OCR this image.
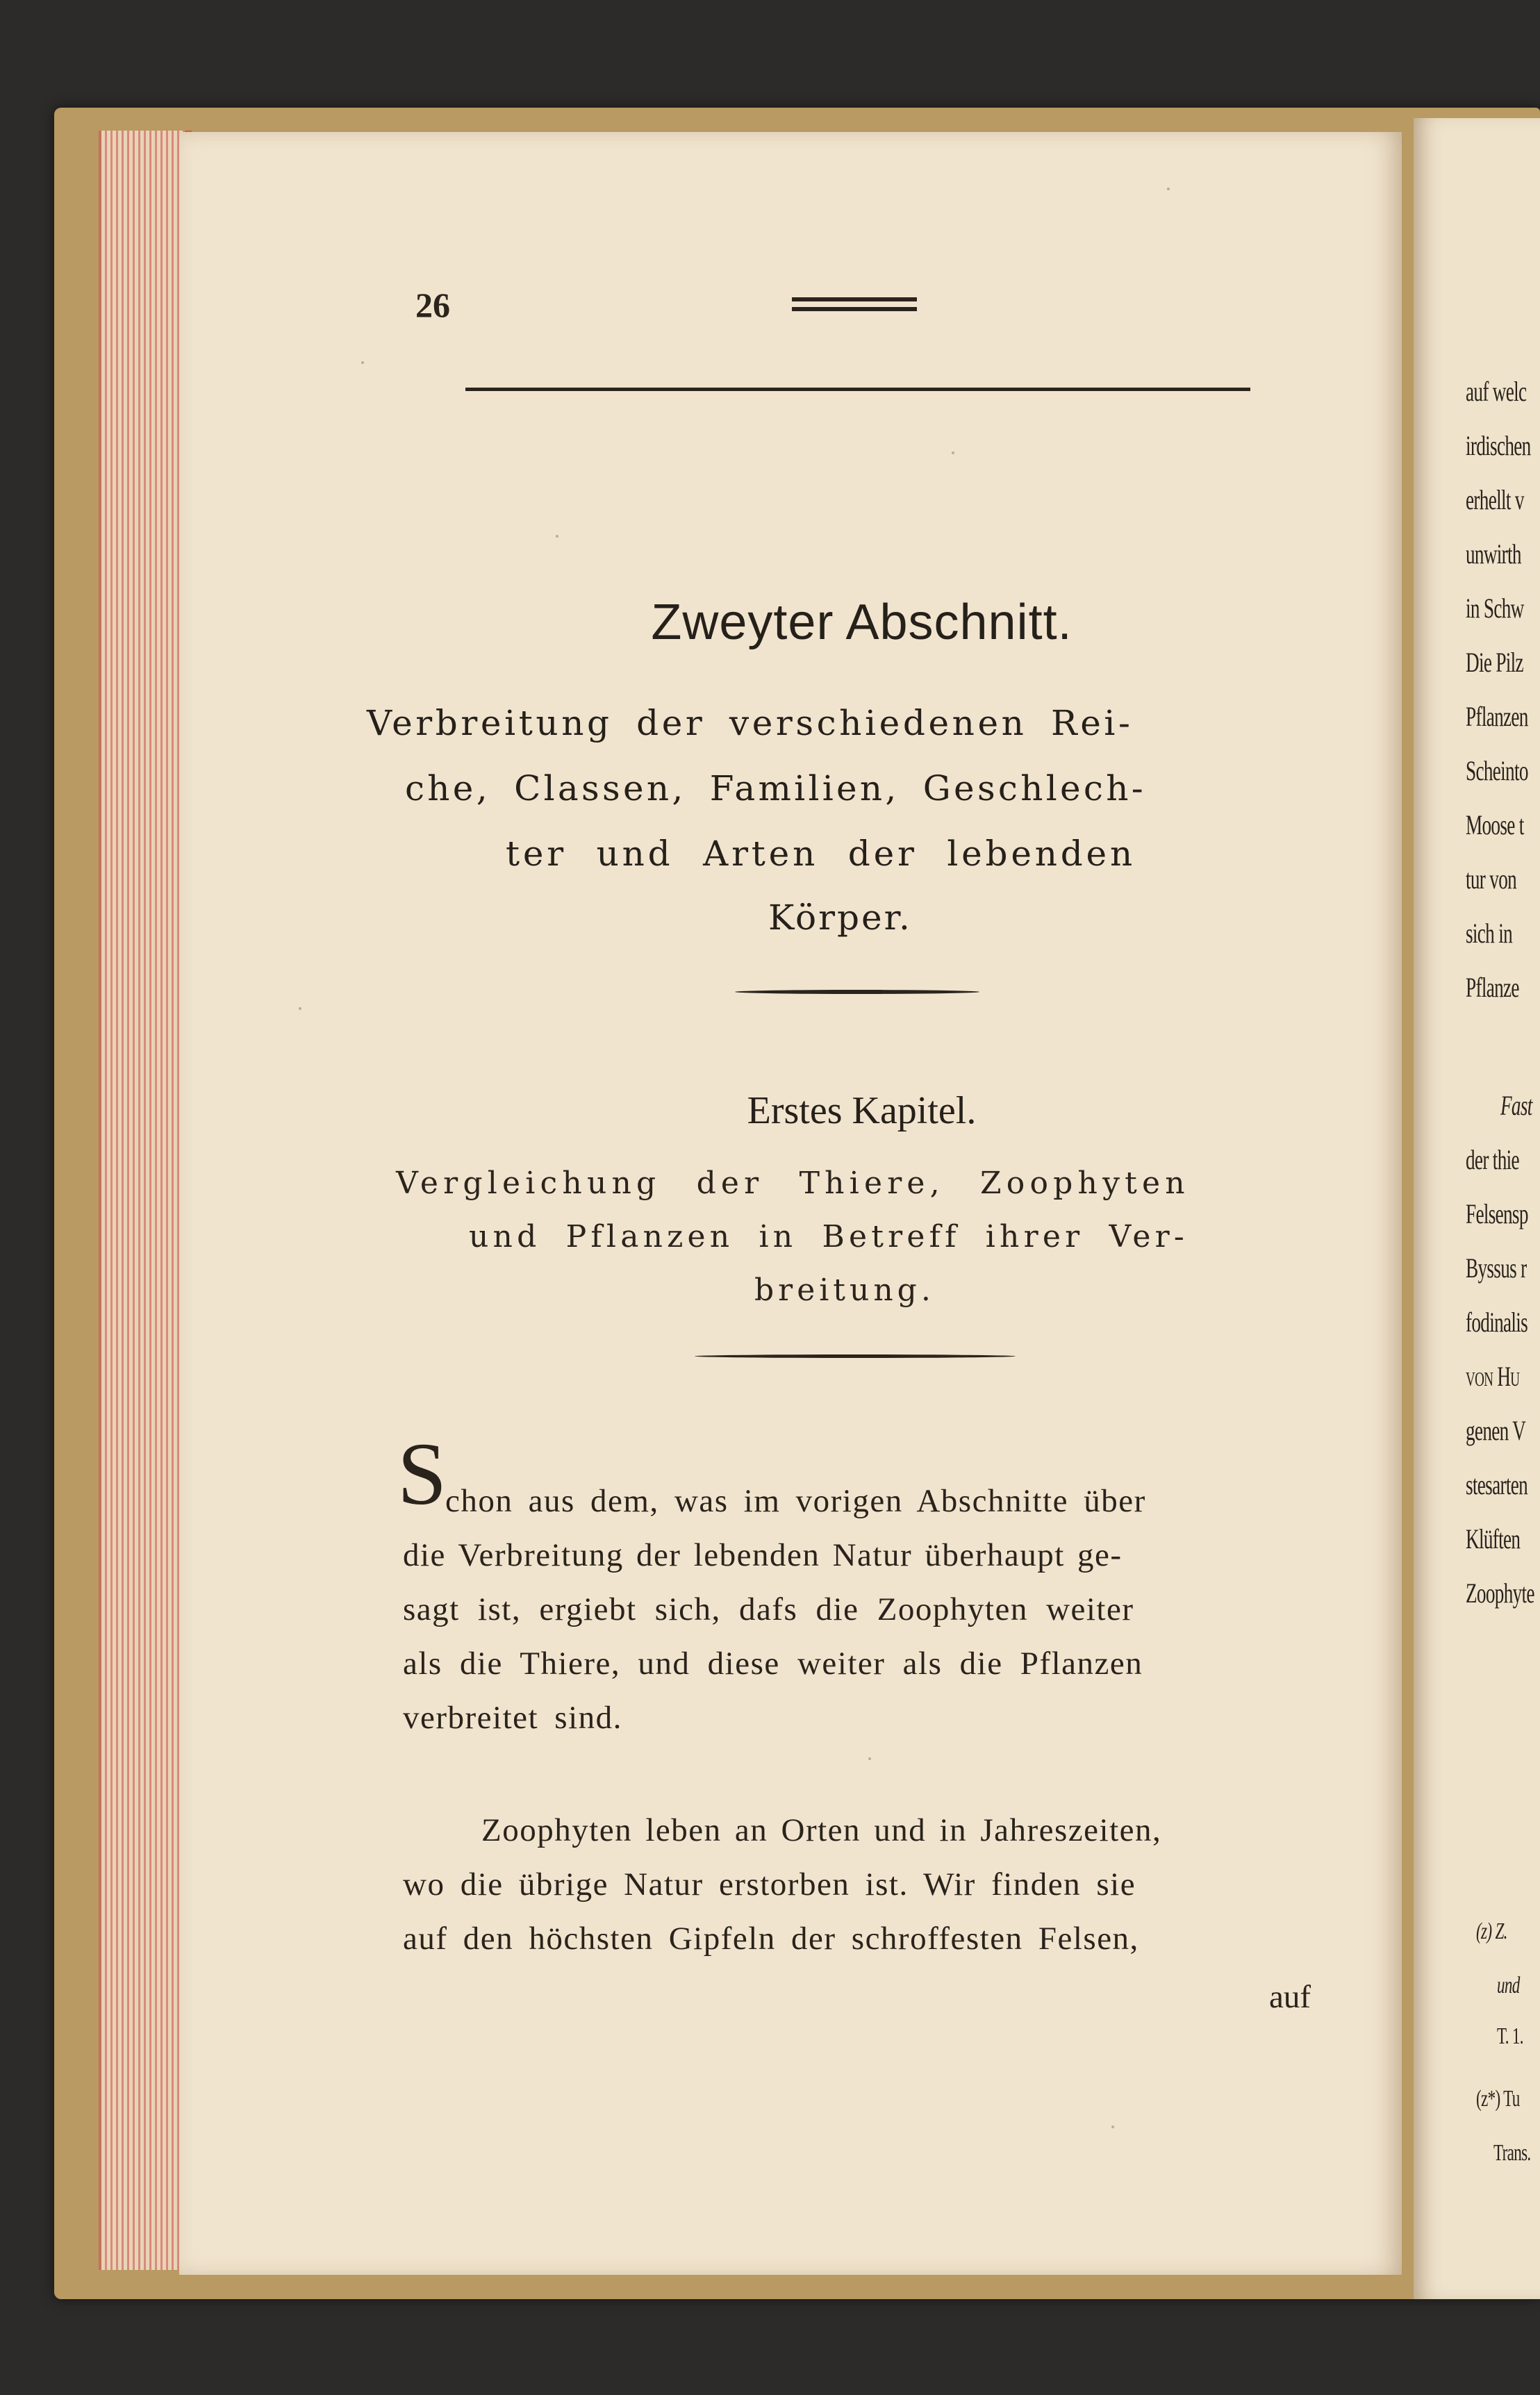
26
Zweyter Abschnitt.
Verbreitung der verschiedenen Rei-
che, Classen, Familien, Geschlech-
ter und Arten der lebenden
Körper.
Erstes Kapitel.
Vergleichung der Thiere, Zoophyten
und Pflanzen in Betreff ihrer Ver-
breitung.
S
chon aus dem, was im vorigen Abschnitte über
die Verbreitung der lebenden Natur überhaupt ge-
sagt ist, ergiebt sich, dafs die Zoophyten weiter
als die Thiere, und diese weiter als die Pflanzen
verbreitet sind.
Zoophyten leben an Orten und in Jahreszeiten,
wo die übrige Natur erstorben ist. Wir finden sie
auf den höchsten Gipfeln der schroffesten Felsen,
auf
auf welc
irdischen
erhellt v
unwirth
in Schw
Die Pilz
Pflanzen
Scheinto
Moose t
tur von
sich in
Pflanze
Fast
der thie
Felsensp
Byssus r
fodinalis
von Hu
genen V
stesarten
Klüften
Zoophyte
(z) Z.
und
T. 1.
(z*) Tu
Trans.
